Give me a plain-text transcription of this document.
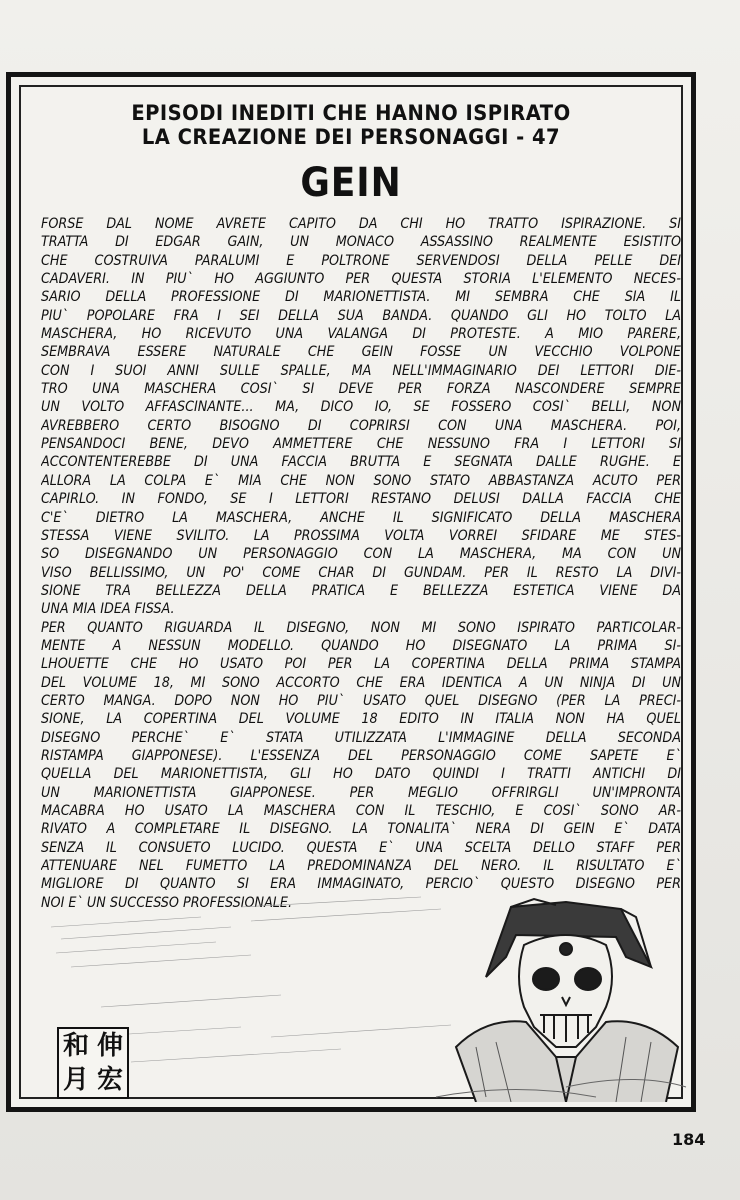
EPISODI INEDITI CHE HANNO ISPIRATO
LA CREAZIONE DEI PERSONAGGI - 47
GEIN
FORSE DAL NOME AVRETE CAPITO DA CHI HO TRATTO ISPIRAZIONE. SI
TRATTA DI EDGAR GAIN, UN MONACO ASSASSINO REALMENTE ESISTITO
CHE COSTRUIVA PARALUMI E POLTRONE SERVENDOSI DELLA PELLE DEI
CADAVERI. IN PIU` HO AGGIUNTO PER QUESTA STORIA L'ELEMENTO NECES-
SARIO DELLA PROFESSIONE DI MARIONETTISTA. MI SEMBRA CHE SIA IL
PIU` POPOLARE FRA I SEI DELLA SUA BANDA. QUANDO GLI HO TOLTO LA
MASCHERA, HO RICEVUTO UNA VALANGA DI PROTESTE. A MIO PARERE,
SEMBRAVA ESSERE NATURALE CHE GEIN FOSSE UN VECCHIO VOLPONE
CON I SUOI ANNI SULLE SPALLE, MA NELL'IMMAGINARIO DEI LETTORI DIE-
TRO UNA MASCHERA COSI` SI DEVE PER FORZA NASCONDERE SEMPRE
UN VOLTO AFFASCINANTE... MA, DICO IO, SE FOSSERO COSI` BELLI, NON
AVREBBERO CERTO BISOGNO DI COPRIRSI CON UNA MASCHERA. POI,
PENSANDOCI BENE, DEVO AMMETTERE CHE NESSUNO FRA I LETTORI SI
ACCONTENTEREBBE DI UNA FACCIA BRUTTA E SEGNATA DALLE RUGHE. E
ALLORA LA COLPA E` MIA CHE NON SONO STATO ABBASTANZA ACUTO PER
CAPIRLO. IN FONDO, SE I LETTORI RESTANO DELUSI DALLA FACCIA CHE
C'E` DIETRO LA MASCHERA, ANCHE IL SIGNIFICATO DELLA MASCHERA
STESSA VIENE SVILITO. LA PROSSIMA VOLTA VORREI SFIDARE ME STES-
SO DISEGNANDO UN PERSONAGGIO CON LA MASCHERA, MA CON UN
VISO BELLISSIMO, UN PO' COME CHAR DI GUNDAM. PER IL RESTO LA DIVI-
SIONE TRA BELLEZZA DELLA PRATICA E BELLEZZA ESTETICA VIENE DA
UNA MIA IDEA FISSA.
PER QUANTO RIGUARDA IL DISEGNO, NON MI SONO ISPIRATO PARTICOLAR-
MENTE A NESSUN MODELLO. QUANDO HO DISEGNATO LA PRIMA SI-
LHOUETTE CHE HO USATO POI PER LA COPERTINA DELLA PRIMA STAMPA
DEL VOLUME 18, MI SONO ACCORTO CHE ERA IDENTICA A UN NINJA DI UN
CERTO MANGA. DOPO NON HO PIU` USATO QUEL DISEGNO (PER LA PRECI-
SIONE, LA COPERTINA DEL VOLUME 18 EDITO IN ITALIA NON HA QUEL
DISEGNO PERCHE` E` STATA UTILIZZATA L'IMMAGINE DELLA SECONDA
RISTAMPA GIAPPONESE). L'ESSENZA DEL PERSONAGGIO COME SAPETE E`
QUELLA DEL MARIONETTISTA, GLI HO DATO QUINDI I TRATTI ANTICHI DI
UN MARIONETTISTA GIAPPONESE. PER MEGLIO OFFRIRGLI UN'IMPRONTA
MACABRA HO USATO LA MASCHERA CON IL TESCHIO, E COSI` SONO AR-
RIVATO A COMPLETARE IL DISEGNO. LA TONALITA` NERA DI GEIN E` DATA
SENZA IL CONSUETO LUCIDO. QUESTA E` UNA SCELTA DELLO STAFF PER
ATTENUARE NEL FUMETTO LA PREDOMINANZA DEL NERO. IL RISULTATO E`
MIGLIORE DI QUANTO SI ERA IMMAGINATO, PERCIO` QUESTO DISEGNO PER
NOI E` UN SUCCESSO PROFESSIONALE.
和 伸
月 宏
184
